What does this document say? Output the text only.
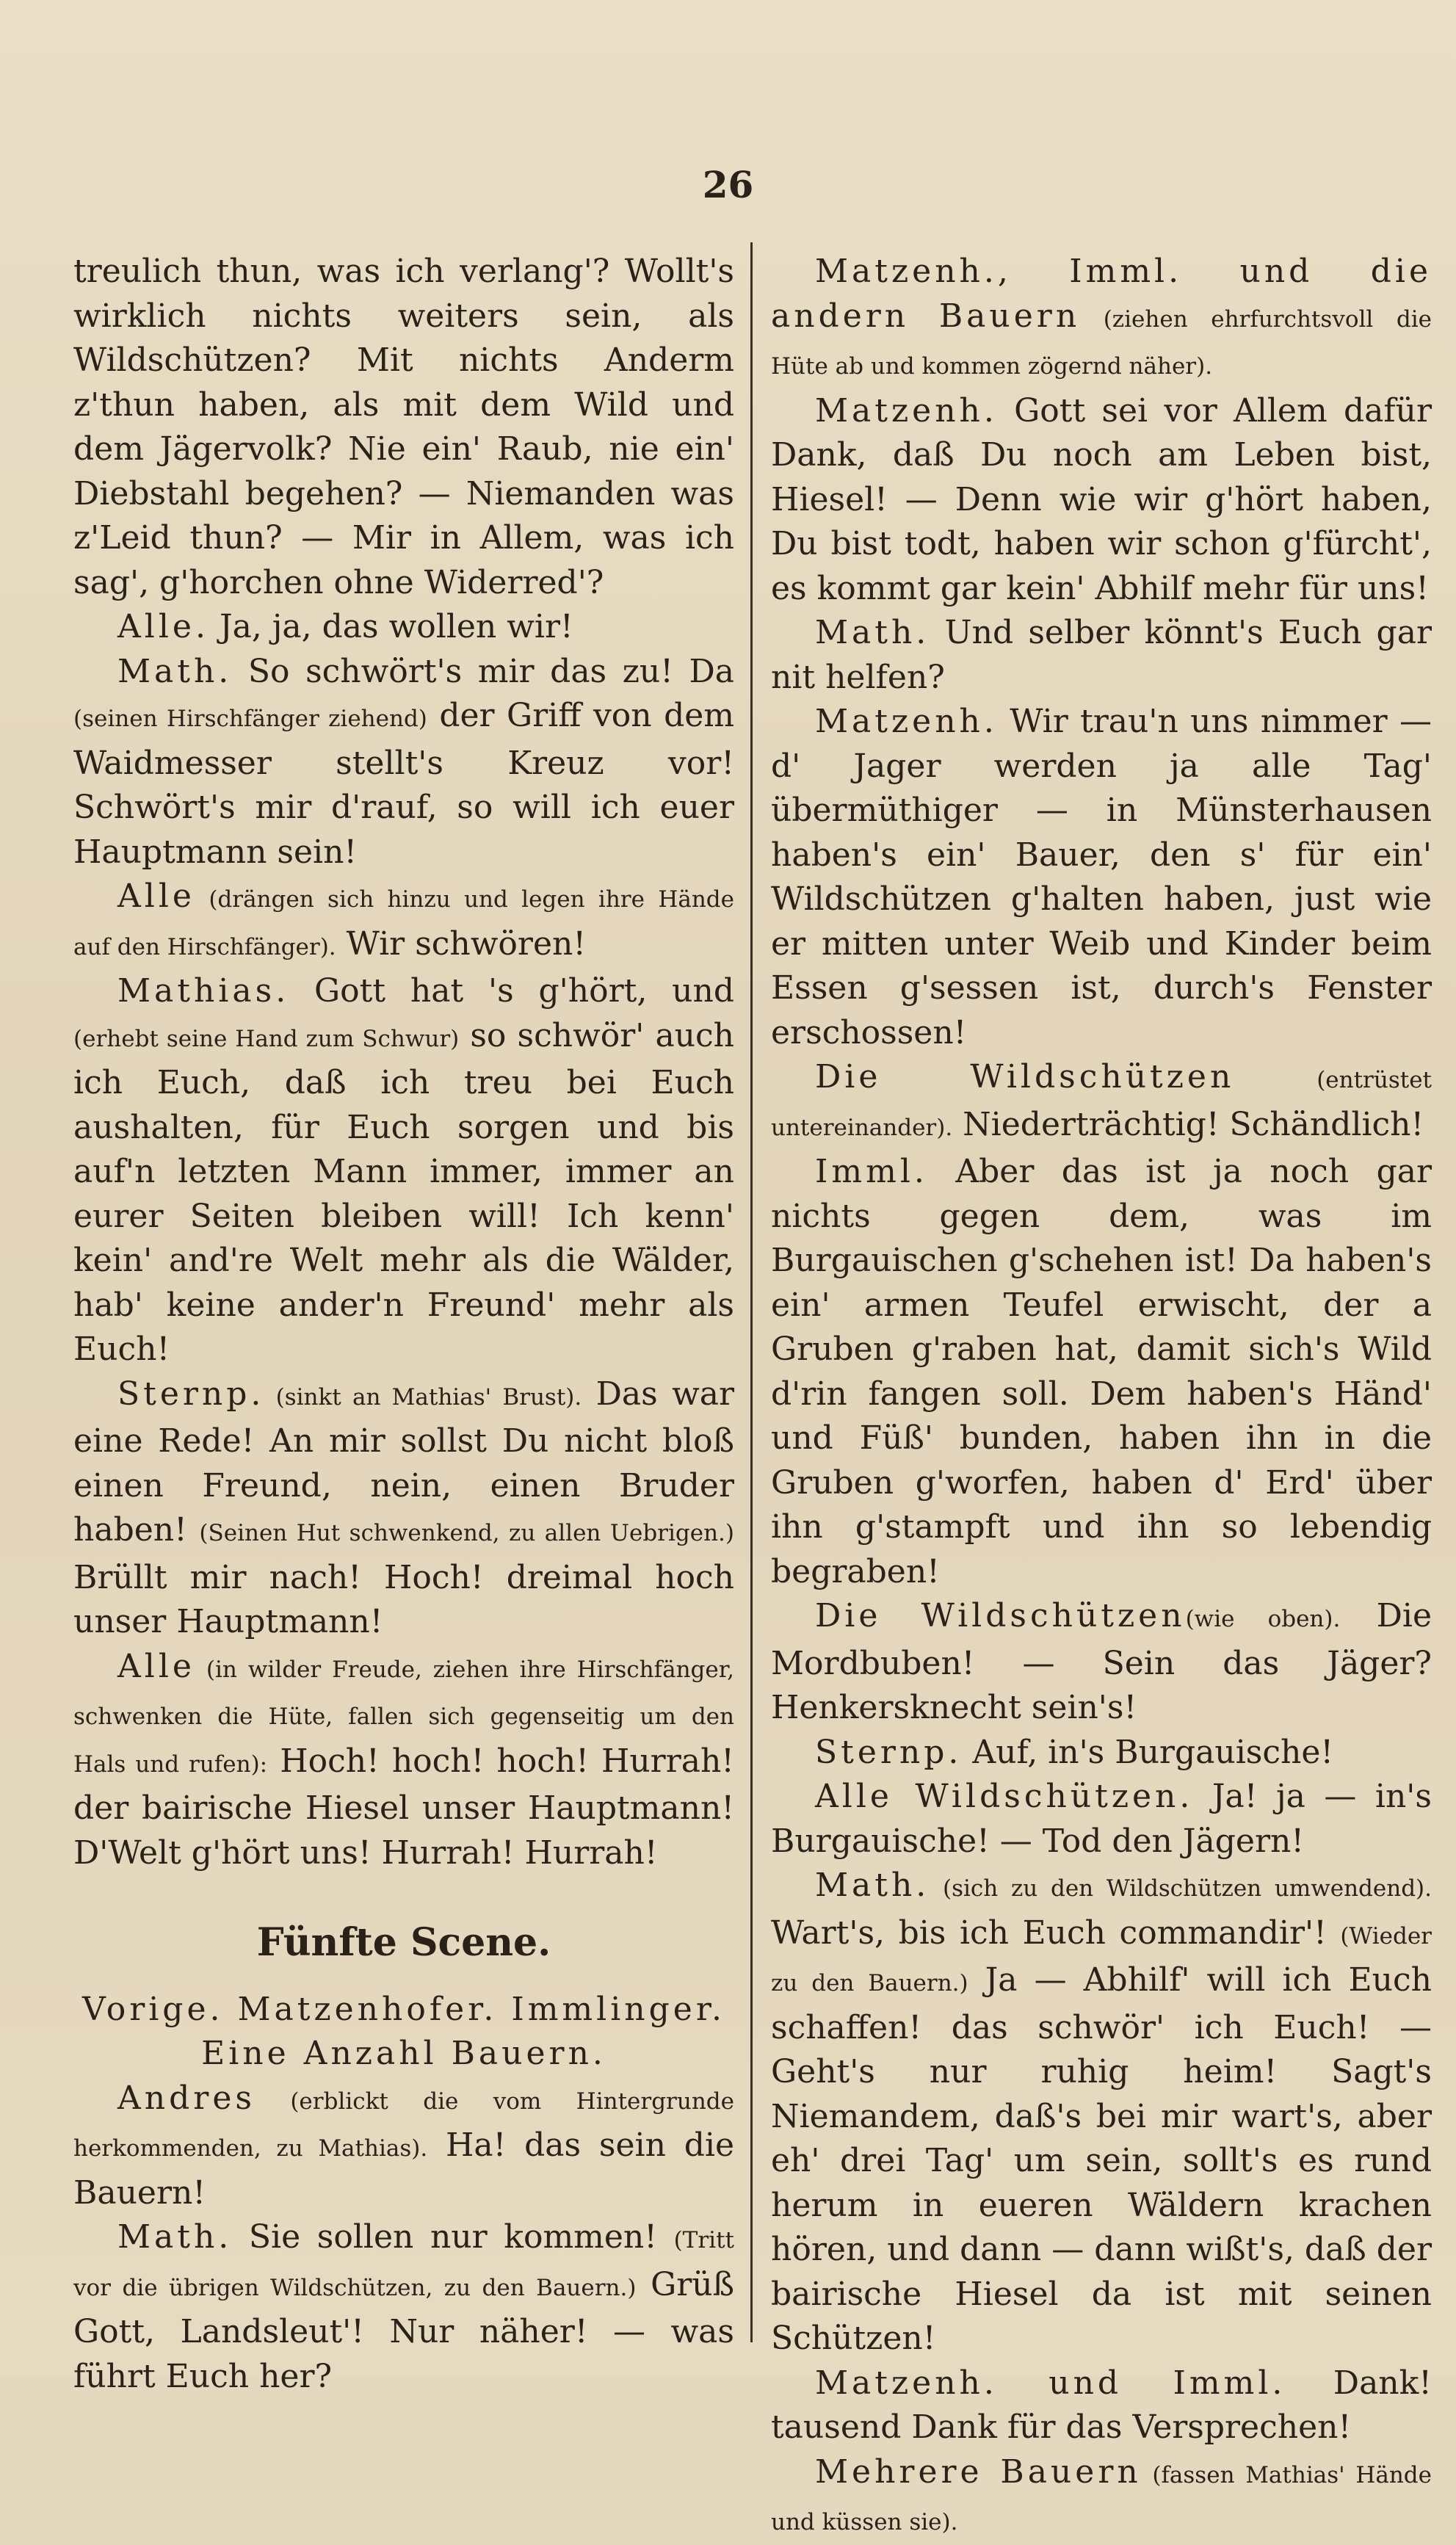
26

treulich thun, was ich verlang'? Wollt's wirklich nichts weiters sein, als Wildschützen? Mit nichts Anderm z'thun haben, als mit dem Wild und dem Jägervolk? Nie ein' Raub, nie ein' Diebstahl begehen? — Niemanden was z'Leid thun? — Mir in Allem, was ich sag', g'horchen ohne Widerred'?

Alle. Ja, ja, das wollen wir!

Math. So schwört's mir das zu! Da (seinen Hirschfänger ziehend) der Griff von dem Waidmesser stellt's Kreuz vor! Schwört's mir d'rauf, so will ich euer Hauptmann sein!

Alle (drängen sich hinzu und legen ihre Hände auf den Hirschfänger). Wir schwören!

Mathias. Gott hat 's g'hört, und (erhebt seine Hand zum Schwur) so schwör' auch ich Euch, daß ich treu bei Euch aushalten, für Euch sorgen und bis auf'n letzten Mann immer, immer an eurer Seiten bleiben will! Ich kenn' kein' and're Welt mehr als die Wälder, hab' keine ander'n Freund' mehr als Euch!

Sternp. (sinkt an Mathias' Brust). Das war eine Rede! An mir sollst Du nicht bloß einen Freund, nein, einen Bruder haben! (Seinen Hut schwenkend, zu allen Uebrigen.) Brüllt mir nach! Hoch! dreimal hoch unser Hauptmann!

Alle (in wilder Freude, ziehen ihre Hirschfänger, schwenken die Hüte, fallen sich gegenseitig um den Hals und rufen): Hoch! hoch! hoch! Hurrah! der bairische Hiesel unser Hauptmann! D'Welt g'hört uns! Hurrah! Hurrah!

Fünfte Scene.

Vorige. Matzenhofer. Immlinger.

Eine Anzahl Bauern.

Andres (erblickt die vom Hintergrunde herkommenden, zu Mathias). Ha! das sein die Bauern!

Math. Sie sollen nur kommen! (Tritt vor die übrigen Wildschützen, zu den Bauern.) Grüß Gott, Landsleut'! Nur näher! — was führt Euch her?

Matzenh., Imml. und die andern Bauern (ziehen ehrfurchtsvoll die Hüte ab und kommen zögernd näher).

Matzenh. Gott sei vor Allem dafür Dank, daß Du noch am Leben bist, Hiesel! — Denn wie wir g'hört haben, Du bist todt, haben wir schon g'fürcht', es kommt gar kein' Abhilf mehr für uns!

Math. Und selber könnt's Euch gar nit helfen?

Matzenh. Wir trau'n uns nimmer — d' Jager werden ja alle Tag' übermüthiger — in Münsterhausen haben's ein' Bauer, den s' für ein' Wildschützen g'halten haben, just wie er mitten unter Weib und Kinder beim Essen g'sessen ist, durch's Fenster erschossen!

Die Wildschützen (entrüstet untereinander). Niederträchtig! Schändlich!

Imml. Aber das ist ja noch gar nichts gegen dem, was im Burgauischen g'schehen ist! Da haben's ein' armen Teufel erwischt, der a Gruben g'raben hat, damit sich's Wild d'rin fangen soll. Dem haben's Händ' und Füß' bunden, haben ihn in die Gruben g'worfen, haben d' Erd' über ihn g'stampft und ihn so lebendig begraben!

Die Wildschützen(wie oben). Die Mordbuben! — Sein das Jäger? Henkersknecht sein's!

Sternp. Auf, in's Burgauische!

Alle Wildschützen. Ja! ja — in's Burgauische! — Tod den Jägern!

Math. (sich zu den Wildschützen umwendend). Wart's, bis ich Euch commandir'! (Wieder zu den Bauern.) Ja — Abhilf' will ich Euch schaffen! das schwör' ich Euch! — Geht's nur ruhig heim! Sagt's Niemandem, daß's bei mir wart's, aber eh' drei Tag' um sein, sollt's es rund herum in eueren Wäldern krachen hören, und dann — dann wißt's, daß der bairische Hiesel da ist mit seinen Schützen!

Matzenh. und Imml. Dank! tausend Dank für das Versprechen!

Mehrere Bauern (fassen Mathias' Hände und küssen sie).
